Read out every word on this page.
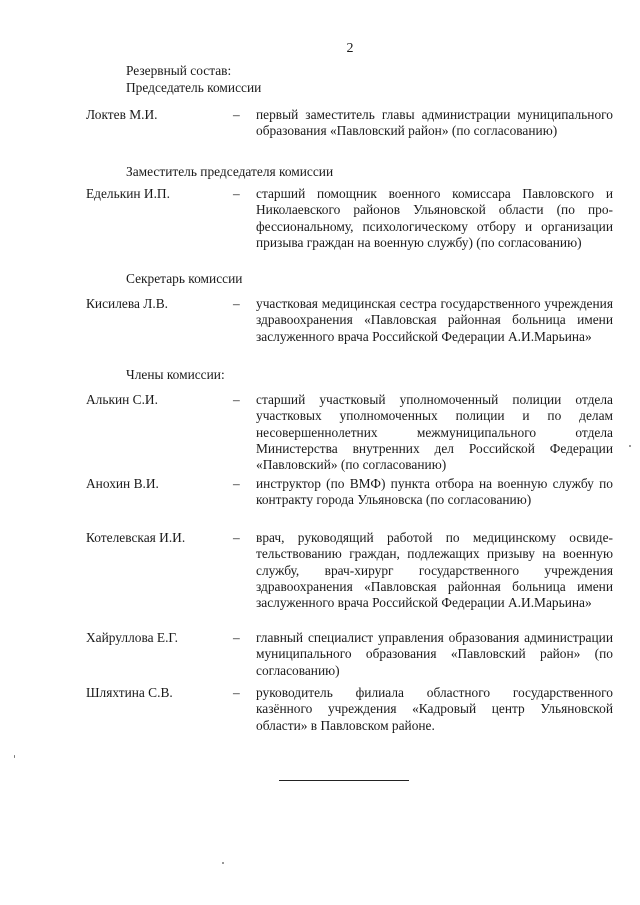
2
Резервный состав:
Председатель комиссии
Локтев М.И.	– первый заместитель главы администрации муниципального образования «Павловский район» (по согласованию)
Заместитель председателя комиссии
Еделькин И.П.	– старший помощник военного комиссара Павловского и Николаевского районов Ульяновской области (по профессиональному, психологическому отбору и организации призыва граждан на военную службу) (по согласованию)
Секретарь комиссии
Кисилева Л.В.	– участковая медицинская сестра государственного учреждения здравоохранения «Павловская районная больница имени заслуженного врача Российской Федерации А.И.Марьина»
Члены комиссии:
Алькин С.И.	– старший участковый уполномоченный полиции отдела участковых уполномоченных полиции и по делам несовершеннолетних межмуниципального отдела Министерства внутренних дел Российской Федерации «Павловский» (по согласованию)
Анохин В.И.	– инструктор (по ВМФ) пункта отбора на военную службу по контракту города Ульяновска (по согласованию)
Котелевская И.И.	– врач, руководящий работой по медицинскому освидетельствованию граждан, подлежащих призыву на военную службу, врач-хирург государственного учреждения здравоохранения «Павловская районная больница имени заслуженного врача Российской Федерации А.И.Марьина»
Хайруллова Е.Г.	– главный специалист управления образования администрации муниципального образования «Павловский район» (по согласованию)
Шляхтина С.В.	– руководитель филиала областного государственного казённого учреждения «Кадровый центр Ульяновской области» в Павловском районе.
